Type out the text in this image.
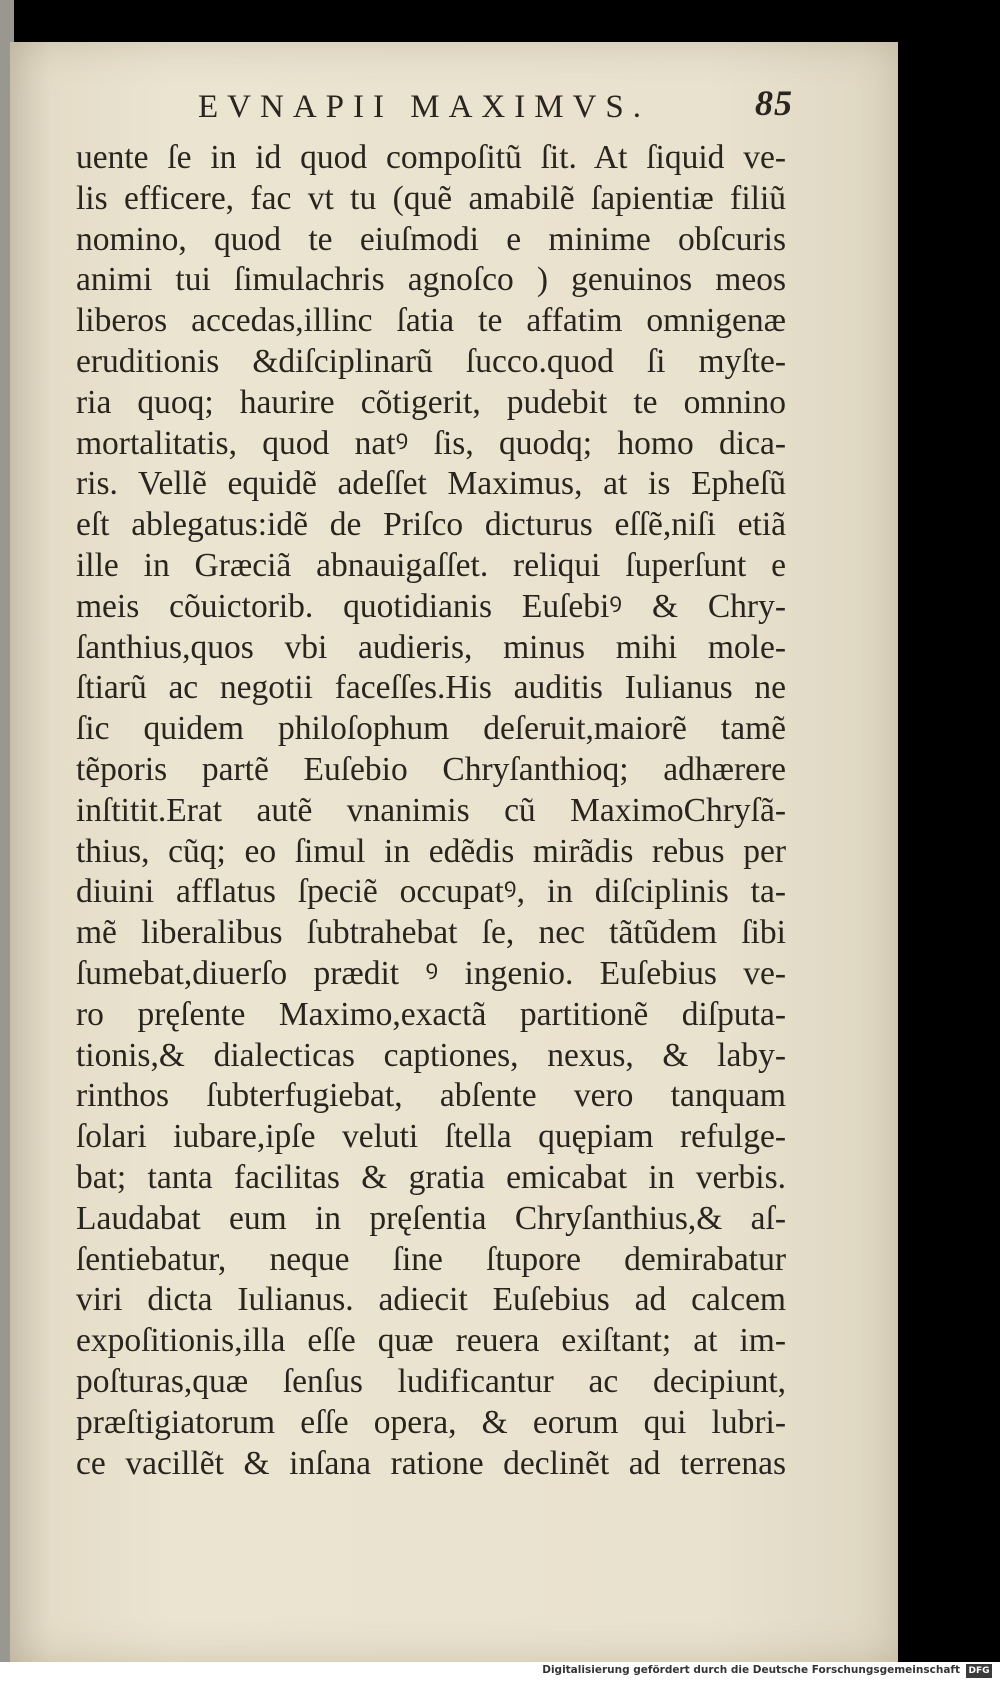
EVNAPII MAXIMVS.	85
uente ſe in id quod compoſitũ ſit. At ſiquid ve-
lis efficere, fac vt tu (quẽ amabilẽ ſapientiæ filiũ
nomino, quod te eiuſmodi e minime obſcuris
animi tui ſimulachris agnoſco ) genuinos meos
liberos accedas,illinc ſatia te affatim omnigenæ
eruditionis &diſciplinarũ ſucco.quod ſi myſte-
ria quoq; haurire cõtigerit, pudebit te omnino
mortalitatis, quod natꝰ ſis, quodq; homo dica-
ris. Vellẽ equidẽ adeſſet Maximus, at is Epheſũ
eſt ablegatus:idẽ de Priſco dicturus eſſẽ,niſi etiã
ille in Græciã abnauigaſſet. reliqui ſuperſunt e
meis cõuictorib. quotidianis Euſebiꝰ & Chry-
ſanthius,quos vbi audieris, minus mihi mole-
ſtiarũ ac negotii faceſſes.His auditis Iulianus ne
ſic quidem philoſophum deſeruit,maiorẽ tamẽ
tẽporis partẽ Euſebio Chryſanthioq; adhærere
inſtitit.Erat autẽ vnanimis cũ MaximoChryſã-
thius, cũq; eo ſimul in edẽdis mirãdis rebus per
diuini afflatus ſpeciẽ occupatꝰ, in diſciplinis ta-
mẽ liberalibus ſubtrahebat ſe, nec tãtũdem ſibi
ſumebat,diuerſo prædit ꝰ ingenio. Euſebius ve-
ro pręſente Maximo,exactã partitionẽ diſputa-
tionis,& dialecticas captiones, nexus, & laby-
rinthos ſubterfugiebat, abſente vero tanquam
ſolari iubare,ipſe veluti ſtella quępiam refulge-
bat; tanta facilitas & gratia emicabat in verbis.
Laudabat eum in pręſentia Chryſanthius,& aſ-
ſentiebatur, neque ſine ſtupore demirabatur
viri dicta Iulianus. adiecit Euſebius ad calcem
expoſitionis,illa eſſe quæ reuera exiſtant; at im-
poſturas,quæ ſenſus ludificantur ac decipiunt,
præſtigiatorum eſſe opera, & eorum qui lubri-
ce vacillẽt & inſana ratione declinẽt ad terrenas
Digitalisierung gefördert durch die Deutsche Forschungsgemeinschaft DFG
